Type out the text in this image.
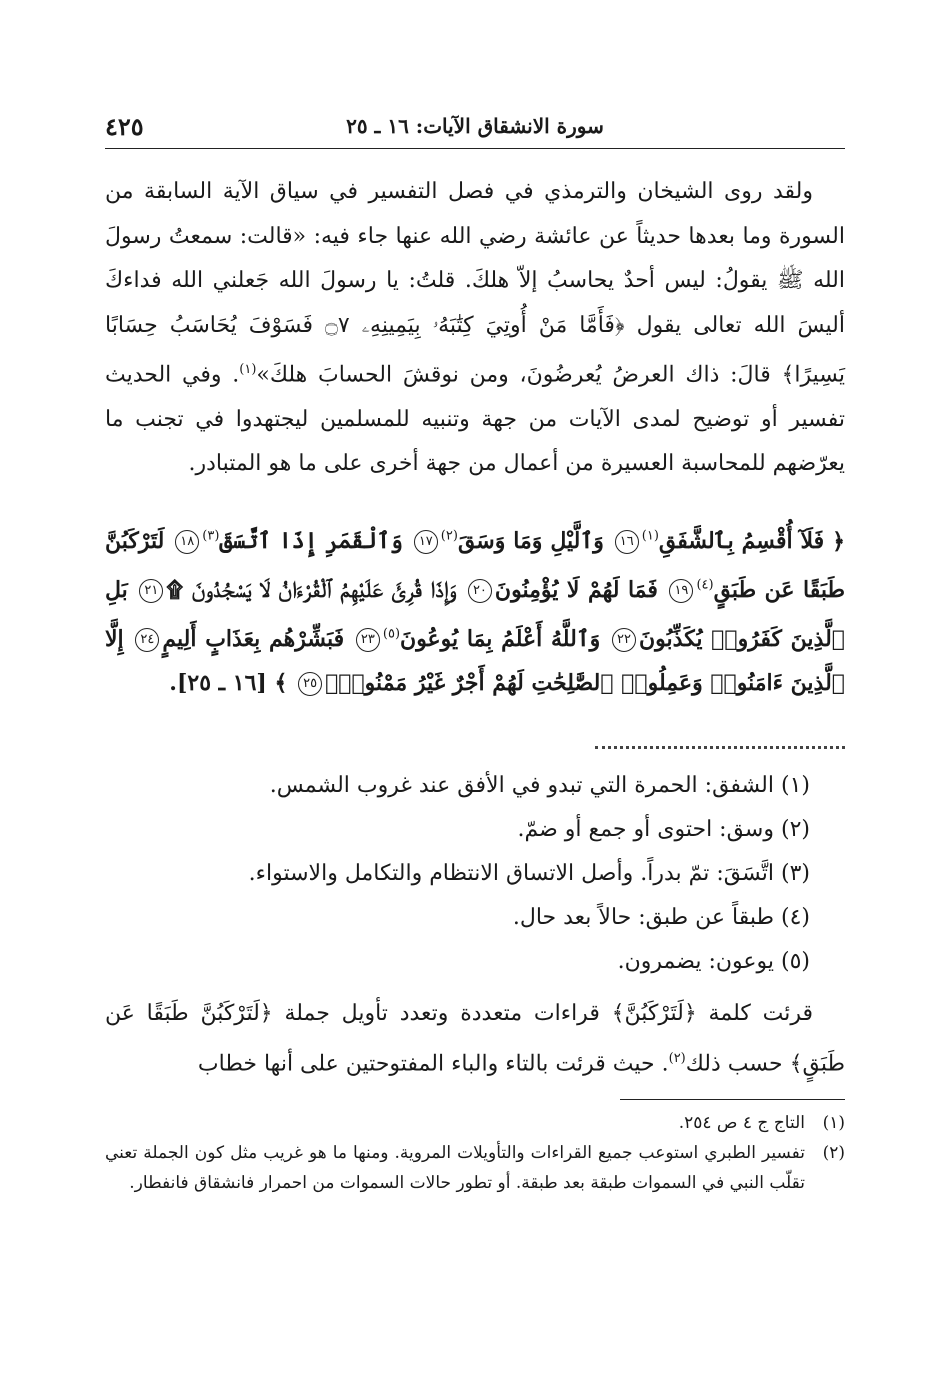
٤٢٥	سورة الانشقاق الآيات: ١٦ ـ ٢٥

ولقد روى الشيخان والترمذي في فصل التفسير في سياق الآية السابقة من السورة وما بعدها حديثاً عن عائشة رضي الله عنها جاء فيه: «قالت: سمعتُ رسولَ الله ﷺ يقولُ: ليس أحدٌ يحاسبُ إلاّ هلكَ. قلتُ: يا رسولَ الله جَعلني الله فداءكَ أليسَ الله تعالى يقول ﴿فَأَمَّا مَنْ أُوتِيَ كِتَٰبَهُۥ بِيَمِينِهِۦ ۝٧ فَسَوْفَ يُحَاسَبُ حِسَابًا يَسِيرًا﴾ قالَ: ذاك العرضُ يُعرضُونَ، ومن نوقشَ الحسابَ هلكَ»$^{(١)}$. وفي الحديث تفسير أو توضيح لمدى الآيات من جهة وتنبيه للمسلمين ليجتهدوا في تجنب ما يعرّضهم للمحاسبة العسيرة من أعمال من جهة أخرى على ما هو المتبادر.

﴿ فَلَآ أُقْسِمُ بِٱلشَّفَقِ$^{(١)}$١٦ وَٱلَّيْلِ وَمَا وَسَقَ$^{(٢)}$١٧ وَٱلْقَمَرِ إِذَا ٱتَّسَقَ$^{(٣)}$١٨ لَتَرْكَبُنَّ طَبَقًا عَن طَبَقٍ$^{(٤)}$١٩ فَمَا لَهُمْ لَا يُؤْمِنُونَ٢٠ وَإِذَا قُرِئَ عَلَيْهِمُ ٱلْقُرْءَانُ لَا يَسْجُدُونَ ۩٢١ بَلِ ٱلَّذِينَ كَفَرُوا۟ يُكَذِّبُونَ٢٢ وَٱللَّهُ أَعْلَمُ بِمَا يُوعُونَ$^{(٥)}$٢٣ فَبَشِّرْهُم بِعَذَابٍ أَلِيمٍ٢٤ إِلَّا ٱلَّذِينَ ءَامَنُوا۟ وَعَمِلُوا۟ ٱلصَّٰلِحَٰتِ لَهُمْ أَجْرٌ غَيْرُ مَمْنُونٍۭ٢٥ ﴾ [١٦ ـ ٢٥].

(١) الشفق: الحمرة التي تبدو في الأفق عند غروب الشمس.
(٢) وسق: احتوى أو جمع أو ضمّ.
(٣) اتَّسَقَ: تمّ بدراً. وأصل الاتساق الانتظام والتكامل والاستواء.
(٤) طبقاً عن طبق: حالاً بعد حال.
(٥) يوعون: يضمرون.

قرئت كلمة ﴿لَتَرْكَبُنَّ﴾ قراءات متعددة وتعدد تأويل جملة ﴿لَتَرْكَبُنَّ طَبَقًا عَن طَبَقٍ﴾ حسب ذلك$^{(٢)}$. حيث قرئت بالتاء والباء المفتوحتين على أنها خطاب

(١)
التاج ج ٤ ص ٢٥٤.
(٢)
تفسير الطبري استوعب جميع القراءات والتأويلات المروية. ومنها ما هو غريب مثل كون الجملة تعني تقلّب النبي في السموات طبقة بعد طبقة. أو تطور حالات السموات من احمرار فانشقاق فانفطار.
